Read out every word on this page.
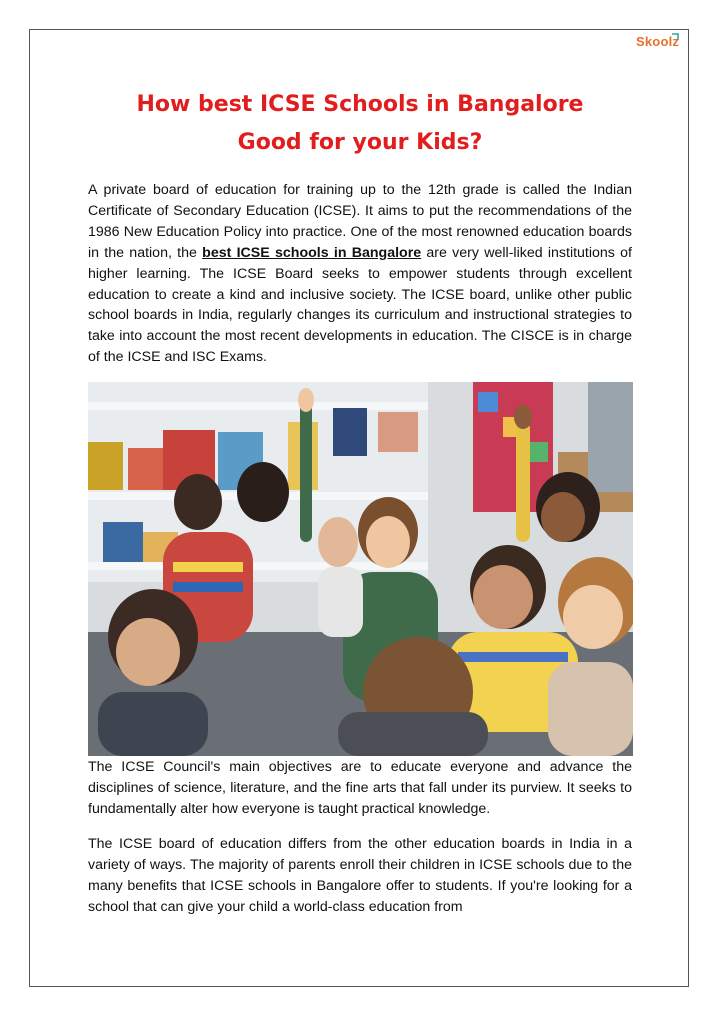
Skoolz
How best ICSE Schools in Bangalore
Good for your Kids?

A private board of education for training up to the 12th grade is called the Indian Certificate of Secondary Education (ICSE). It aims to put the recommendations of the 1986 New Education Policy into practice. One of the most renowned education boards in the nation, the best ICSE schools in Bangalore are very well-liked institutions of higher learning. The ICSE Board seeks to empower students through excellent education to create a kind and inclusive society. The ICSE board, unlike other public school boards in India, regularly changes its curriculum and instructional strategies to take into account the most recent developments in education. The CISCE is in charge of the ICSE and ISC Exams.

The ICSE Council's main objectives are to educate everyone and advance the disciplines of science, literature, and the fine arts that fall under its purview. It seeks to fundamentally alter how everyone is taught practical knowledge.

The ICSE board of education differs from the other education boards in India in a variety of ways. The majority of parents enroll their children in ICSE schools due to the many benefits that ICSE schools in Bangalore offer to students. If you're looking for a school that can give your child a world-class education from
